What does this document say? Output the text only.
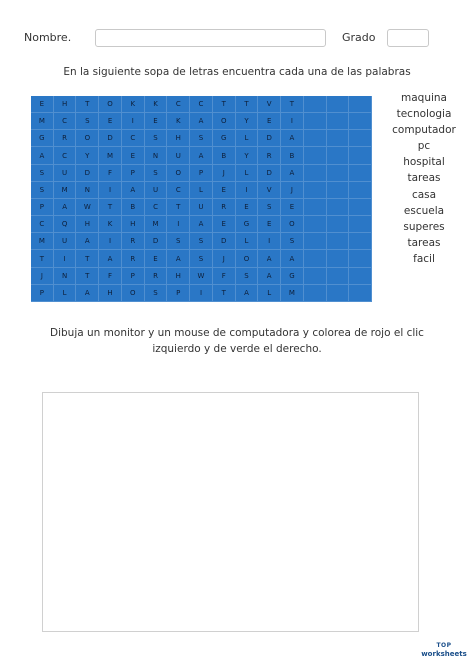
Nombre.	Grado
En la siguiente sopa de letras encuentra cada una de las palabras
E	H	T	O	K	K	C	C	T	T	V	T
M	C	S	E	I	E	K	A	O	Y	E	I
G	R	O	D	C	S	H	S	G	L	D	A
A	C	Y	M	E	N	U	A	B	Y	R	B
S	U	D	F	P	S	O	P	J	L	D	A
S	M	N	I	A	U	C	L	E	I	V	J
P	A	W	T	B	C	T	U	R	E	S	E
C	Q	H	K	H	M	I	A	E	G	E	O
M	U	A	I	R	D	S	S	D	L	I	S
T	I	T	A	R	E	A	S	J	O	A	A
J	N	T	F	P	R	H	W	F	S	A	G
P	L	A	H	O	S	P	I	T	A	L	M
maquina
tecnologia
computador
pc
hospital
tareas
casa
escuela
superes
tareas
facil
Dibuja un monitor y un mouse de computadora y colorea de rojo el clic
izquierdo y de verde el derecho.
TOP
worksheets
